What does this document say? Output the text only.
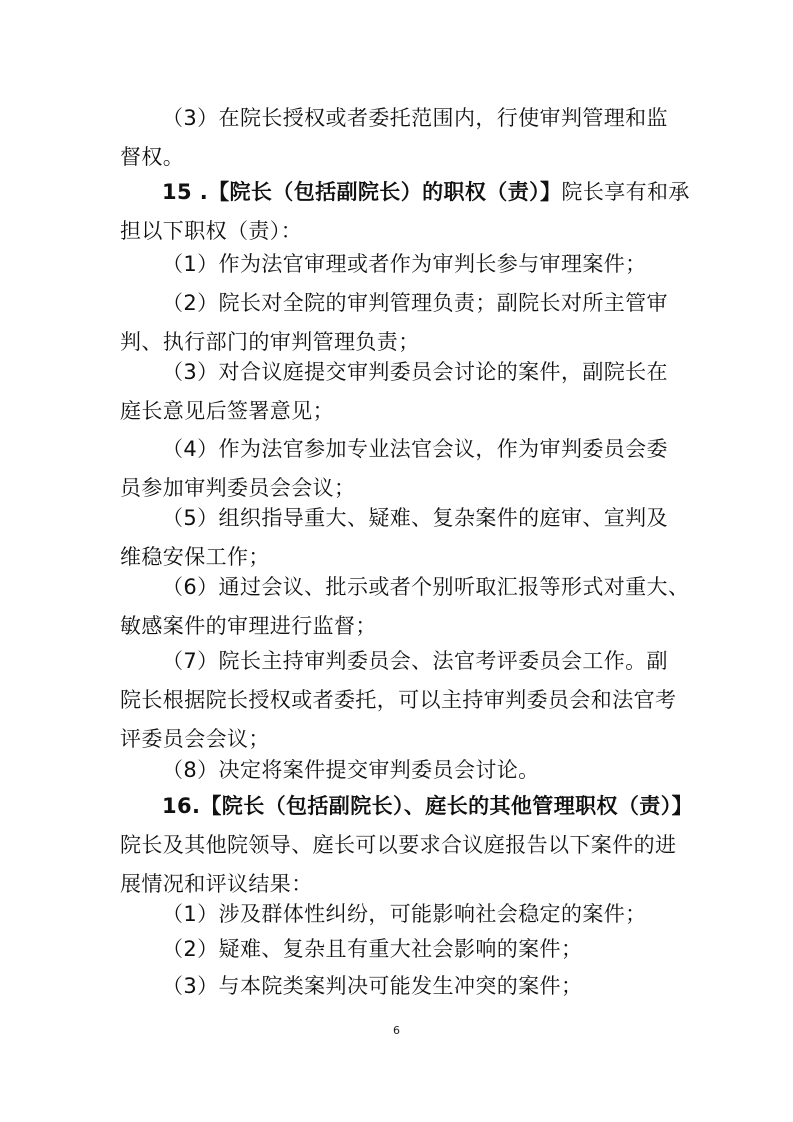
（3）在院长授权或者委托范围内，行使审判管理和监
督权。
15 .【院长（包括副院长）的职权（责）】院长享有和承
担以下职权（责）：
（1）作为法官审理或者作为审判长参与审理案件；
（2）院长对全院的审判管理负责；副院长对所主管审
判、执行部门的审判管理负责；
（3）对合议庭提交审判委员会讨论的案件，副院长在
庭长意见后签署意见；
（4）作为法官参加专业法官会议，作为审判委员会委
员参加审判委员会会议；
（5）组织指导重大、疑难、复杂案件的庭审、宣判及
维稳安保工作；
（6）通过会议、批示或者个别听取汇报等形式对重大、
敏感案件的审理进行监督；
（7）院长主持审判委员会、法官考评委员会工作。副
院长根据院长授权或者委托，可以主持审判委员会和法官考
评委员会会议；
（8）决定将案件提交审判委员会讨论。
16.【院长（包括副院长）、庭长的其他管理职权（责）】
院长及其他院领导、庭长可以要求合议庭报告以下案件的进
展情况和评议结果：
（1）涉及群体性纠纷，可能影响社会稳定的案件；
（2）疑难、复杂且有重大社会影响的案件；
（3）与本院类案判决可能发生冲突的案件；
6
